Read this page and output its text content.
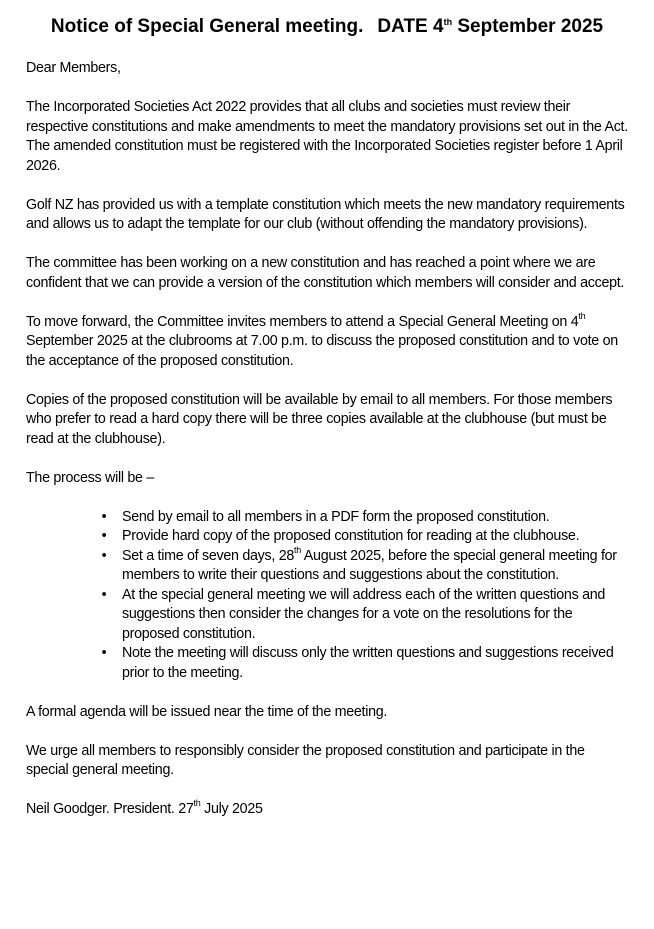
Notice of Special General meeting. DATE 4th September 2025

Dear Members,

The Incorporated Societies Act 2022 provides that all clubs and societies must review their respective constitutions and make amendments to meet the mandatory provisions set out in the Act. The amended constitution must be registered with the Incorporated Societies register before 1 April 2026.

Golf NZ has provided us with a template constitution which meets the new mandatory requirements and allows us to adapt the template for our club (without offending the mandatory provisions).

The committee has been working on a new constitution and has reached a point where we are confident that we can provide a version of the constitution which members will consider and accept.

To move forward, the Committee invites members to attend a Special General Meeting on 4th September 2025 at the clubrooms at 7.00 p.m. to discuss the proposed constitution and to vote on the acceptance of the proposed constitution.

Copies of the proposed constitution will be available by email to all members. For those members who prefer to read a hard copy there will be three copies available at the clubhouse (but must be read at the clubhouse).

The process will be –

• Send by email to all members in a PDF form the proposed constitution.
• Provide hard copy of the proposed constitution for reading at the clubhouse.
• Set a time of seven days, 28th August 2025, before the special general meeting for members to write their questions and suggestions about the constitution.
• At the special general meeting we will address each of the written questions and suggestions then consider the changes for a vote on the resolutions for the proposed constitution.
• Note the meeting will discuss only the written questions and suggestions received prior to the meeting.

A formal agenda will be issued near the time of the meeting.

We urge all members to responsibly consider the proposed constitution and participate in the special general meeting.

Neil Goodger. President. 27th July 2025
